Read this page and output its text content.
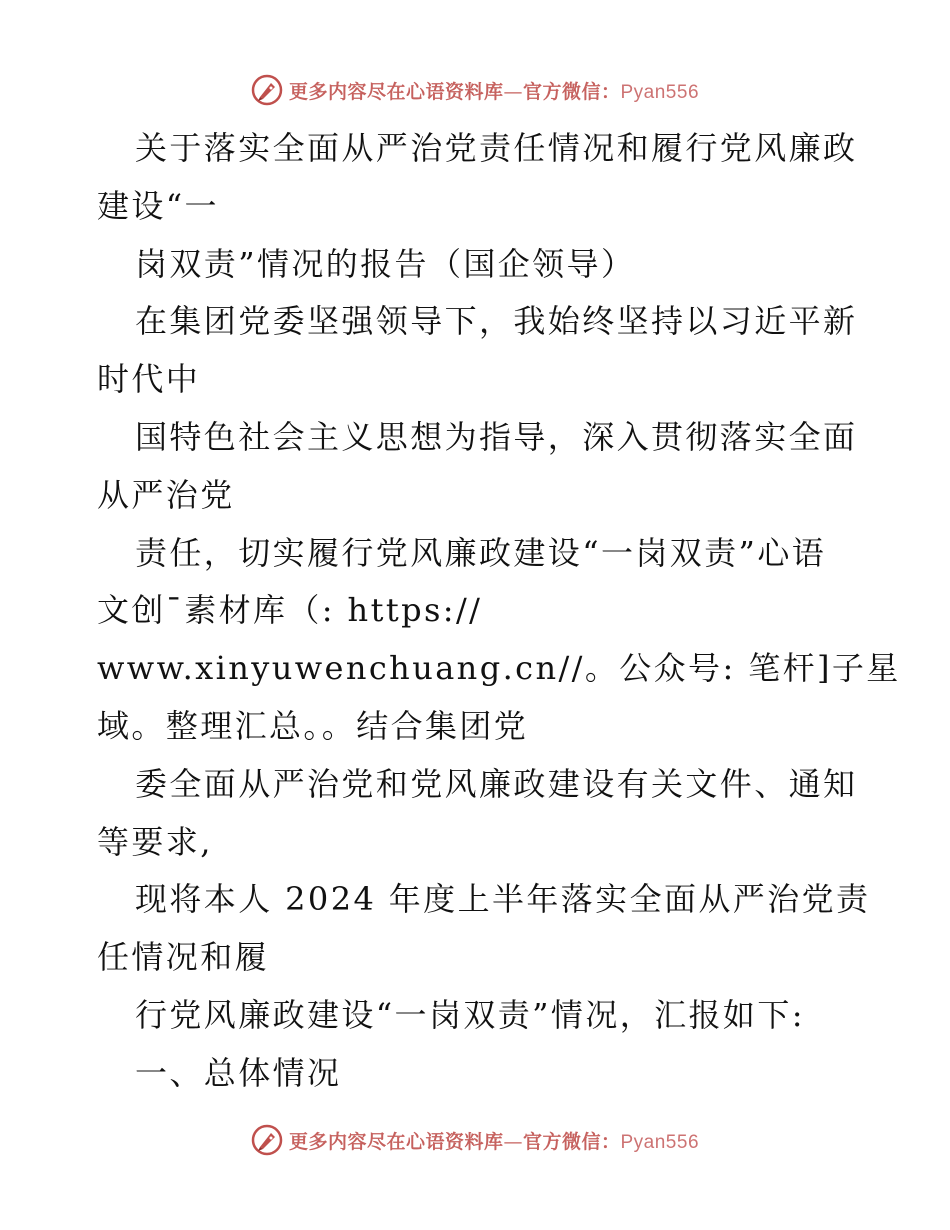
更多内容尽在心语资料库—官方微信：Pyan556
关于落实全面从严治党责任情况和履行党风廉政
建设“一
岗双责”情况的报告（国企领导）
在集团党委坚强领导下，我始终坚持以习近平新
时代中
国特色社会主义思想为指导，深入贯彻落实全面
从严治党
责任，切实履行党风廉政建设“一岗双责”心语
文创¯素材库（: https://
www.xinyuwenchuang.cn//。公众号: 笔杆]子星
域。整理汇总。。结合集团党
委全面从严治党和党风廉政建设有关文件、通知
等要求,
现将本人 2024 年度上半年落实全面从严治党责
任情况和履
行党风廉政建设“一岗双责”情况，汇报如下:
一、总体情况
更多内容尽在心语资料库—官方微信：Pyan556
